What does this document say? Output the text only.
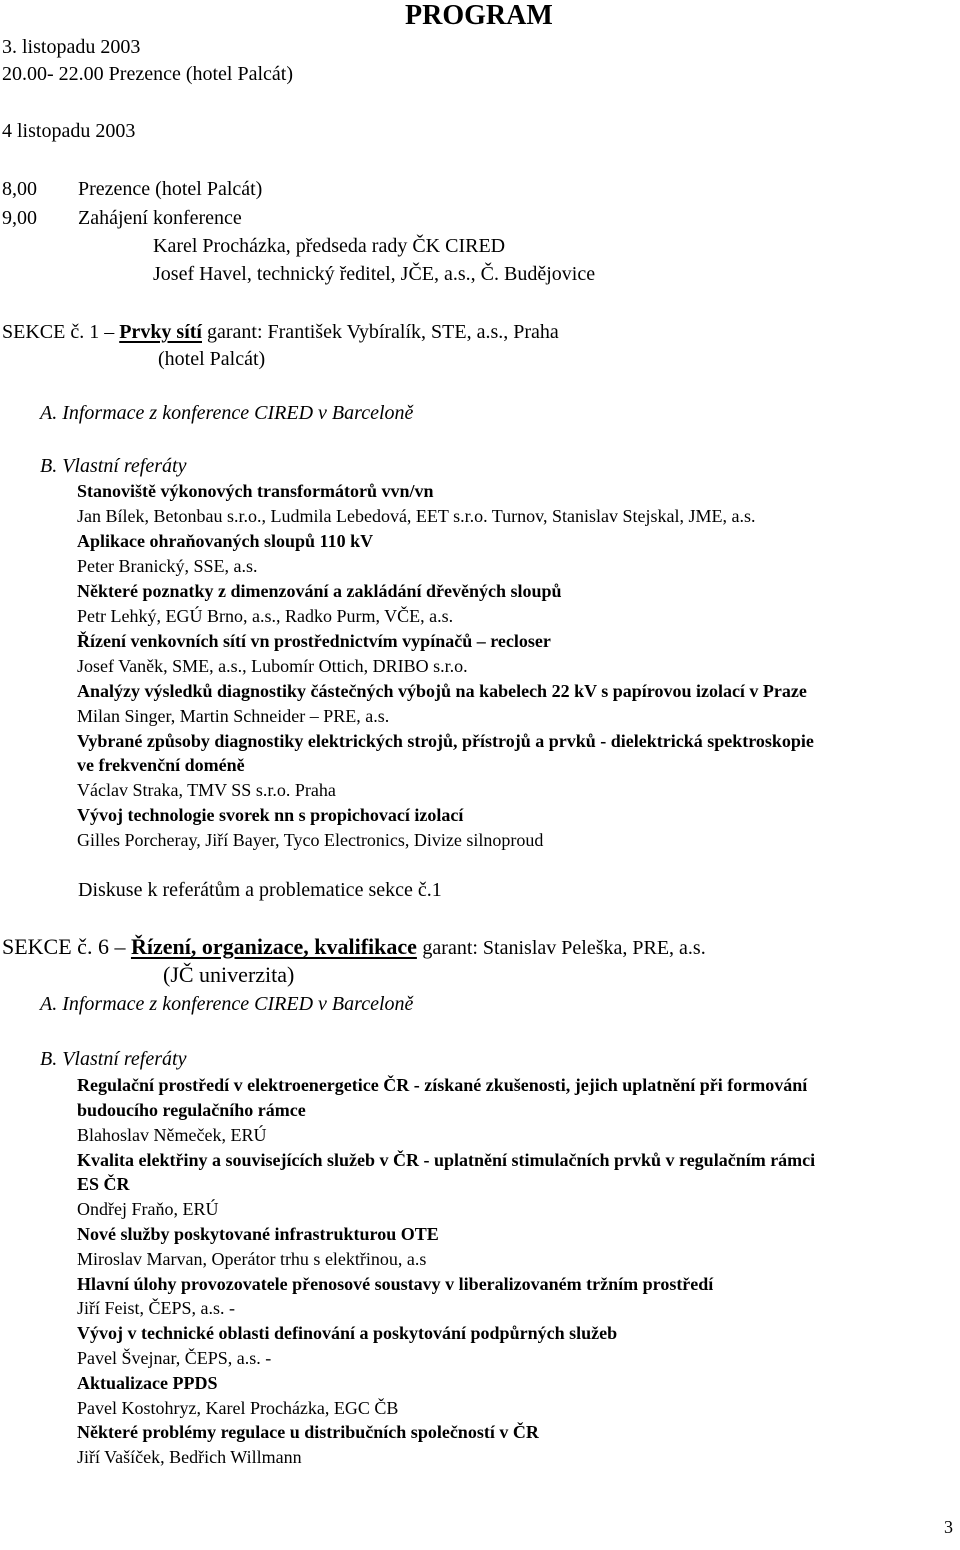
3. listopadu 2003
PROGRAM
20.00- 22.00 Prezence (hotel Palcát)
4 listopadu 2003
8,00 Prezence (hotel Palcát)
9,00 Zahájení konference
Karel Procházka, předseda rady ČK CIRED
Josef Havel, technický ředitel, JČE, a.s., Č. Budějovice
SEKCE č. 1 – Prvky sítí garant: František Vybíralík, STE, a.s., Praha
(hotel Palcát)
A. Informace z konference CIRED v Barceloně
B. Vlastní referáty
Stanoviště výkonových transformátorů vvn/vn
Jan Bílek, Betonbau s.r.o., Ludmila Lebedová, EET s.r.o. Turnov, Stanislav Stejskal, JME, a.s.
Aplikace ohraňovaných sloupů 110 kV
Peter Branický, SSE, a.s.
Některé poznatky z dimenzování a zakládání dřevěných sloupů
Petr Lehký, EGÚ Brno, a.s., Radko Purm, VČE, a.s.
Řízení venkovních sítí vn prostřednictvím vypínačů – recloser
Josef Vaněk, SME, a.s., Lubomír Ottich, DRIBO s.r.o.
Analýzy výsledků diagnostiky částečných výbojů na kabelech 22 kV s papírovou izolací v Praze
Milan Singer, Martin Schneider – PRE, a.s.
Vybrané způsoby diagnostiky elektrických strojů, přístrojů a prvků - dielektrická spektroskopie
ve frekvenční doméně
Václav Straka, TMV SS s.r.o. Praha
Vývoj technologie svorek nn s propichovací izolací
Gilles Porcheray, Jiří Bayer, Tyco Electronics, Divize silnoproud
Diskuse k referátům a problematice sekce č.1
SEKCE č. 6 – Řízení, organizace, kvalifikace garant: Stanislav Peleška, PRE, a.s.
(JČ univerzita)
A. Informace z konference CIRED v Barceloně
B. Vlastní referáty
Regulační prostředí v elektroenergetice ČR - získané zkušenosti, jejich uplatnění při formování
budoucího regulačního rámce
Blahoslav Němeček, ERÚ
Kvalita elektřiny a souvisejících služeb v ČR - uplatnění stimulačních prvků v regulačním rámci
ES ČR
Ondřej Fraňo, ERÚ
Nové služby poskytované infrastrukturou OTE
Miroslav Marvan, Operátor trhu s elektřinou, a.s
Hlavní úlohy provozovatele přenosové soustavy v liberalizovaném tržním prostředí
Jiří Feist, ČEPS, a.s. -
Vývoj v technické oblasti definování a poskytování podpůrných služeb
Pavel Švejnar, ČEPS, a.s. -
Aktualizace PPDS
Pavel Kostohryz, Karel Procházka, EGC ČB
Některé problémy regulace u distribučních společností v ČR
Jiří Vašíček, Bedřich Willmann
3
